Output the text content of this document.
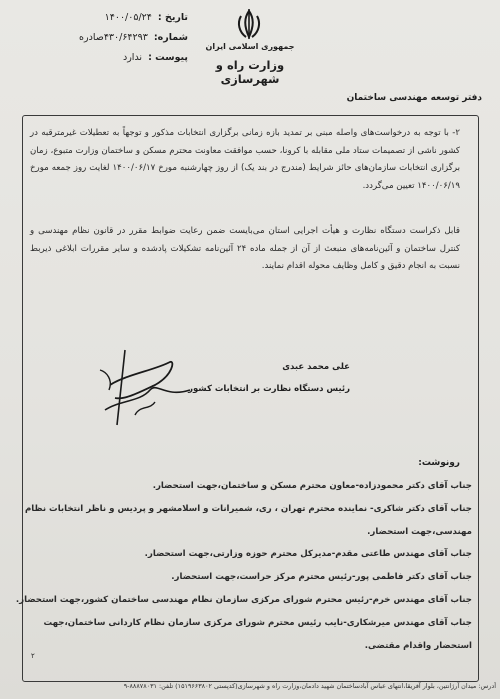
تاریخ :
۱۴۰۰/۰۵/۲۴
شماره:
۴۳۰/۶۴۲۹۳صادره
پیوست :
ندارد
جمهوری اسلامی ایران
وزارت راه و شهرسازی
دفتر توسعه مهندسی ساختمان
۲- با توجه به درخواست‌های واصله مبنی بر تمدید بازه زمانی برگزاری انتخابات مذکور و توجهاً به تعطیلات غیرمترقبه در کشور ناشی از تصمیمات ستاد ملی مقابله با کرونا، حسب موافقت معاونت محترم مسکن و ساختمان وزارت متبوع، زمان برگزاری انتخابات سازمان‌های حائز شرایط (مندرج در بند یک) از روز چهارشنبه مورخ ۱۴۰۰/۰۶/۱۷ لغایت روز جمعه مورخ ۱۴۰۰/۰۶/۱۹ تعیین می‌گردد.
قابل ذکراست دستگاه نظارت و هیأت اجرایی استان می‌بایست ضمن رعایت ضوابط مقرر در قانون نظام مهندسی و کنترل ساختمان و آئین‌نامه‌های منبعث از آن از جمله ماده ۲۴ آئین‌نامه تشکیلات پادشده و سایر مقررات ابلاغی ذیربط نسبت به انجام دقیق و کامل وظایف محوله اقدام نمایند.
علی محمد عبدی
رئیس دستگاه نظارت بر انتخابات کشور
رونوشت:
جناب آقای دکتر محمودزاده-معاون محترم مسکن و ساختمان،جهت استحضار.
جناب آقای دکتر شاکری- نماینده محترم تهران ، ری، شمیرانات و اسلامشهر و پردیس و ناظر انتخابات نظام
مهندسی،جهت استحضار.
جناب آقای مهندس طاعتی مقدم-مدیرکل محترم حوزه وزارتی،جهت استحضار.
جناب آقای دکتر فاطمی پور-رئیس محترم مرکز حراست،جهت استحضار.
جناب آقای مهندس خرم-رئیس محترم شورای مرکزی سازمان نظام مهندسی ساختمان کشور،جهت استحضار.
جناب آقای مهندس میرشکاری-نایب رئیس محترم شورای مرکزی سازمان نظام کاردانی ساختمان،جهت
استحضار واقدام مقتضی.
۲
آدرس: میدان آرژانتین، بلوار آفریقا،انتهای عباس آبادساختمان شهید دادمان،وزارت راه و شهرسازی(کدپستی ۱۵۱۹۶۶۳۸۰۲) تلفن: ۸۸۸۷۸۰۳۱-۹
